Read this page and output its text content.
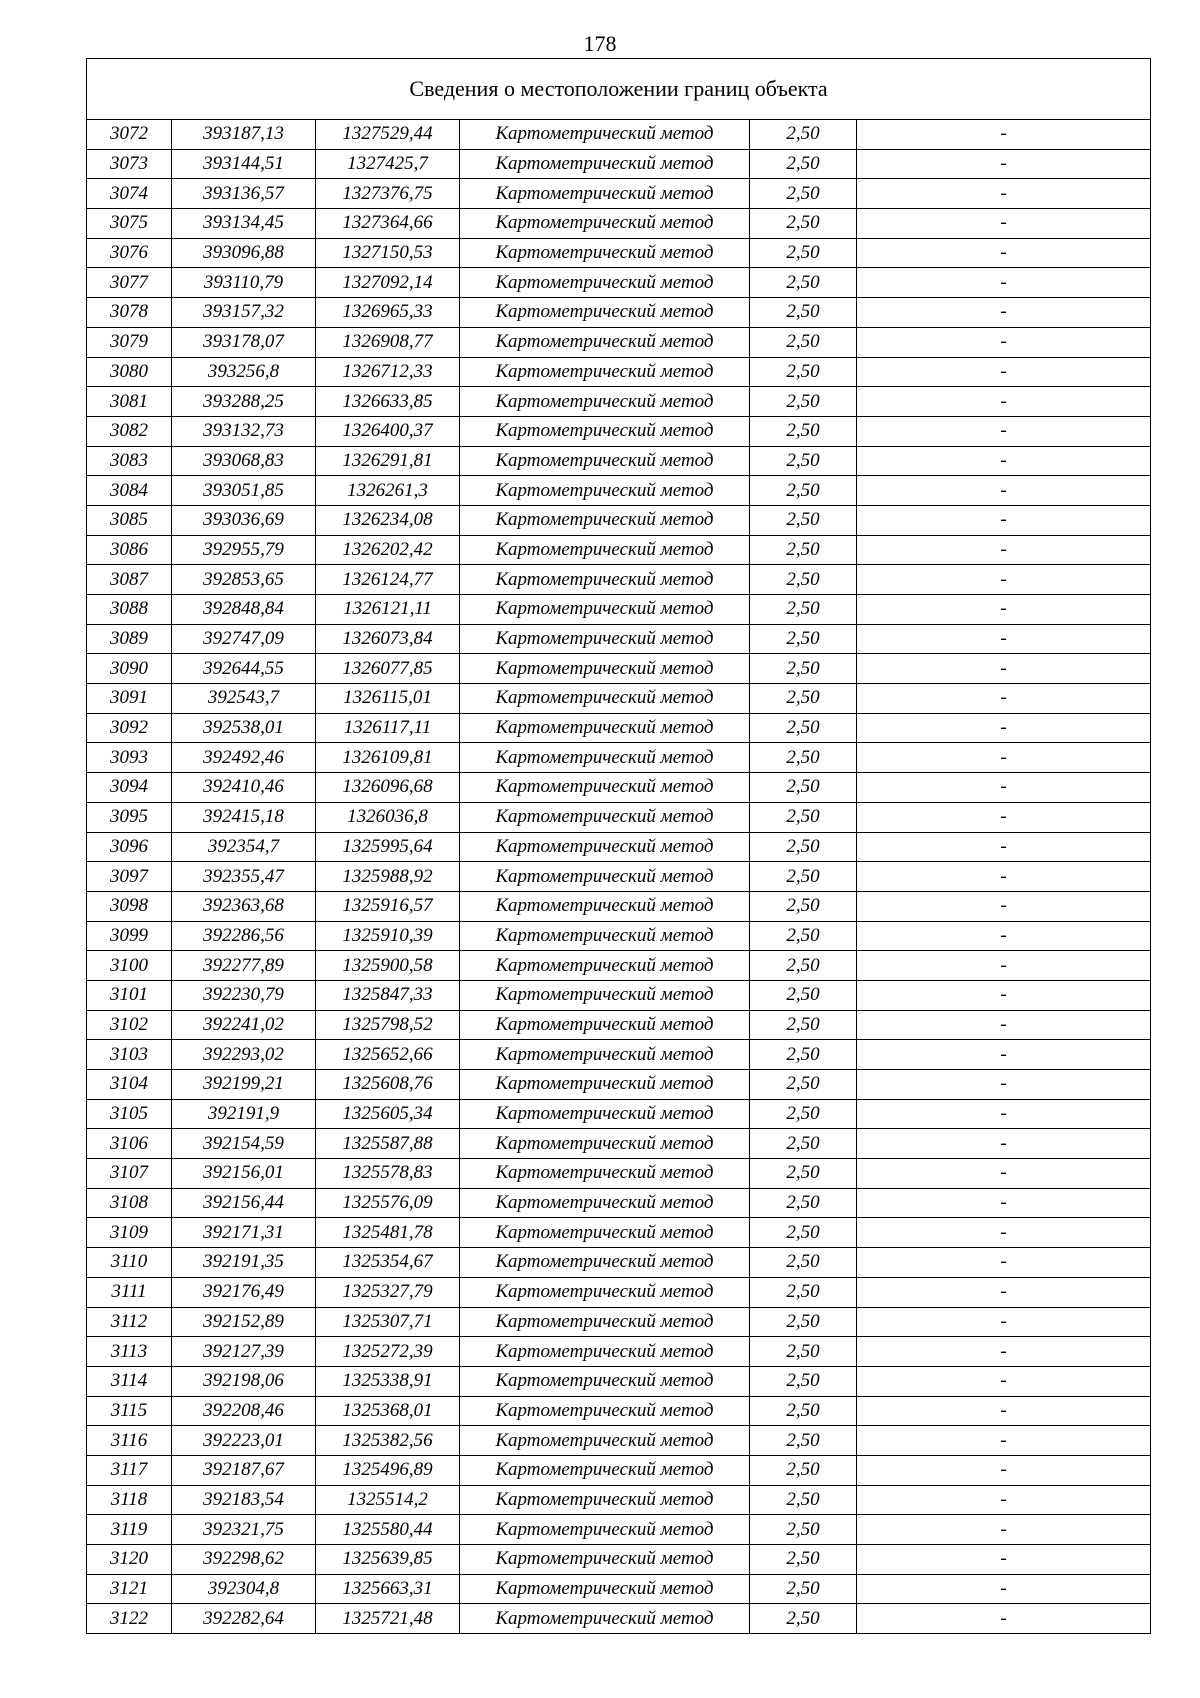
178
Сведения о местоположении границ объекта					
3072	393187,13	1327529,44	Картометрический метод	2,50	-
3073	393144,51	1327425,7	Картометрический метод	2,50	-
3074	393136,57	1327376,75	Картометрический метод	2,50	-
3075	393134,45	1327364,66	Картометрический метод	2,50	-
3076	393096,88	1327150,53	Картометрический метод	2,50	-
3077	393110,79	1327092,14	Картометрический метод	2,50	-
3078	393157,32	1326965,33	Картометрический метод	2,50	-
3079	393178,07	1326908,77	Картометрический метод	2,50	-
3080	393256,8	1326712,33	Картометрический метод	2,50	-
3081	393288,25	1326633,85	Картометрический метод	2,50	-
3082	393132,73	1326400,37	Картометрический метод	2,50	-
3083	393068,83	1326291,81	Картометрический метод	2,50	-
3084	393051,85	1326261,3	Картометрический метод	2,50	-
3085	393036,69	1326234,08	Картометрический метод	2,50	-
3086	392955,79	1326202,42	Картометрический метод	2,50	-
3087	392853,65	1326124,77	Картометрический метод	2,50	-
3088	392848,84	1326121,11	Картометрический метод	2,50	-
3089	392747,09	1326073,84	Картометрический метод	2,50	-
3090	392644,55	1326077,85	Картометрический метод	2,50	-
3091	392543,7	1326115,01	Картометрический метод	2,50	-
3092	392538,01	1326117,11	Картометрический метод	2,50	-
3093	392492,46	1326109,81	Картометрический метод	2,50	-
3094	392410,46	1326096,68	Картометрический метод	2,50	-
3095	392415,18	1326036,8	Картометрический метод	2,50	-
3096	392354,7	1325995,64	Картометрический метод	2,50	-
3097	392355,47	1325988,92	Картометрический метод	2,50	-
3098	392363,68	1325916,57	Картометрический метод	2,50	-
3099	392286,56	1325910,39	Картометрический метод	2,50	-
3100	392277,89	1325900,58	Картометрический метод	2,50	-
3101	392230,79	1325847,33	Картометрический метод	2,50	-
3102	392241,02	1325798,52	Картометрический метод	2,50	-
3103	392293,02	1325652,66	Картометрический метод	2,50	-
3104	392199,21	1325608,76	Картометрический метод	2,50	-
3105	392191,9	1325605,34	Картометрический метод	2,50	-
3106	392154,59	1325587,88	Картометрический метод	2,50	-
3107	392156,01	1325578,83	Картометрический метод	2,50	-
3108	392156,44	1325576,09	Картометрический метод	2,50	-
3109	392171,31	1325481,78	Картометрический метод	2,50	-
3110	392191,35	1325354,67	Картометрический метод	2,50	-
3111	392176,49	1325327,79	Картометрический метод	2,50	-
3112	392152,89	1325307,71	Картометрический метод	2,50	-
3113	392127,39	1325272,39	Картометрический метод	2,50	-
3114	392198,06	1325338,91	Картометрический метод	2,50	-
3115	392208,46	1325368,01	Картометрический метод	2,50	-
3116	392223,01	1325382,56	Картометрический метод	2,50	-
3117	392187,67	1325496,89	Картометрический метод	2,50	-
3118	392183,54	1325514,2	Картометрический метод	2,50	-
3119	392321,75	1325580,44	Картометрический метод	2,50	-
3120	392298,62	1325639,85	Картометрический метод	2,50	-
3121	392304,8	1325663,31	Картометрический метод	2,50	-
3122	392282,64	1325721,48	Картометрический метод	2,50	-
